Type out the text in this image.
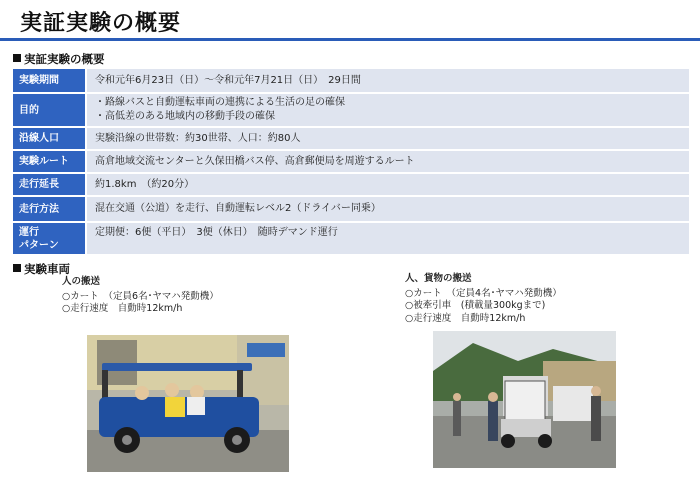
実証実験の概要
実証実験の概要
実験期間	令和元年6月23日（日）～令和元年7月21日（日）　29日間
目的	・路線バスと自動運転車両の連携による生活の足の確保
・高低差のある地域内の移動手段の確保

沿線人口	実験沿線の世帯数：約30世帯、人口：約80人
実験ルート	高倉地域交流センターと久保田橋バス停、高倉郵便局を周遊するルート
走行延長	約1.8km　（約20分）
走行方法	混在交通（公道）を走行、自動運転レベル2（ドライバー同乗）

運行
パターン	定期便：6便（平日）　3便（休日）　随時デマンド運行
実験車両
人の搬送
○カート　（定員6名･ヤマハ発動機）
○走行速度　自動時12km/h
人、貨物の搬送
○カート　（定員4名･ヤマハ発動機）
○被牽引車　(積載量300kgまで)
○走行速度　自動時12km/h
